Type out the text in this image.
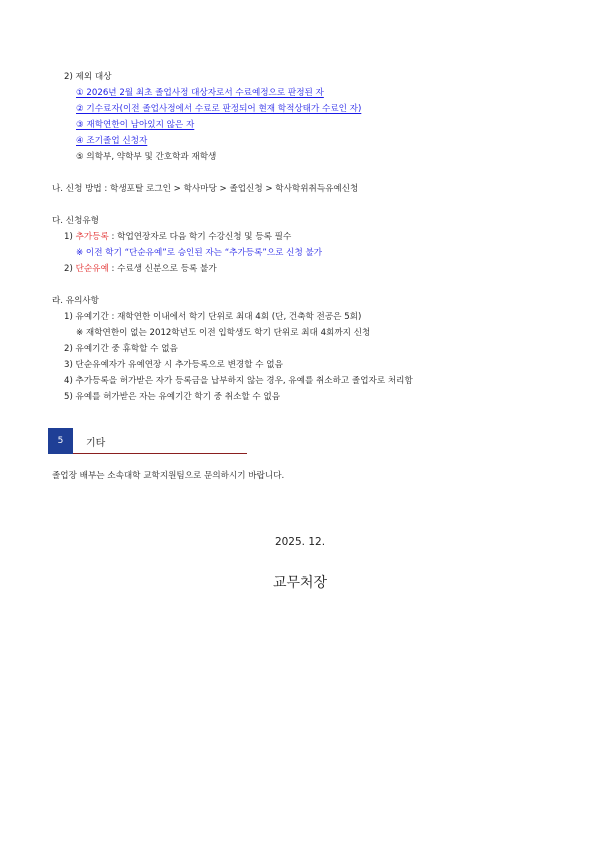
2) 제외 대상
① 2026년 2월 최초 졸업사정 대상자로서 수료예정으로 판정된 자
② 기수료자(이전 졸업사정에서 수료로 판정되어 현재 학적상태가 수료인 자)
③ 재학연한이 남아있지 않은 자
④ 조기졸업 신청자
⑤ 의학부, 약학부 및 간호학과 재학생
나. 신청 방법 : 학생포탈 로그인 > 학사마당 > 졸업신청 > 학사학위취득유예신청
다. 신청유형
1) 추가등록 : 학업연장자로 다음 학기 수강신청 및 등록 필수
※ 이전 학기 “단순유예”로 승인된 자는 “추가등록”으로 신청 불가
2) 단순유예 : 수료생 신분으로 등록 불가
라. 유의사항
1) 유예기간 : 재학연한 이내에서 학기 단위로 최대 4회 (단, 건축학 전공은 5회)
※ 재학연한이 없는 2012학년도 이전 입학생도 학기 단위로 최대 4회까지 신청
2) 유예기간 중 휴학할 수 없음
3) 단순유예자가 유예연장 시 추가등록으로 변경할 수 없음
4) 추가등록을 허가받은 자가 등록금을 납부하지 않는 경우, 유예를 취소하고 졸업자로 처리함
5) 유예를 허가받은 자는 유예기간 학기 중 취소할 수 없음
5	기타
졸업장 배부는 소속대학 교학지원팀으로 문의하시기 바랍니다.
2025. 12.
교무처장
